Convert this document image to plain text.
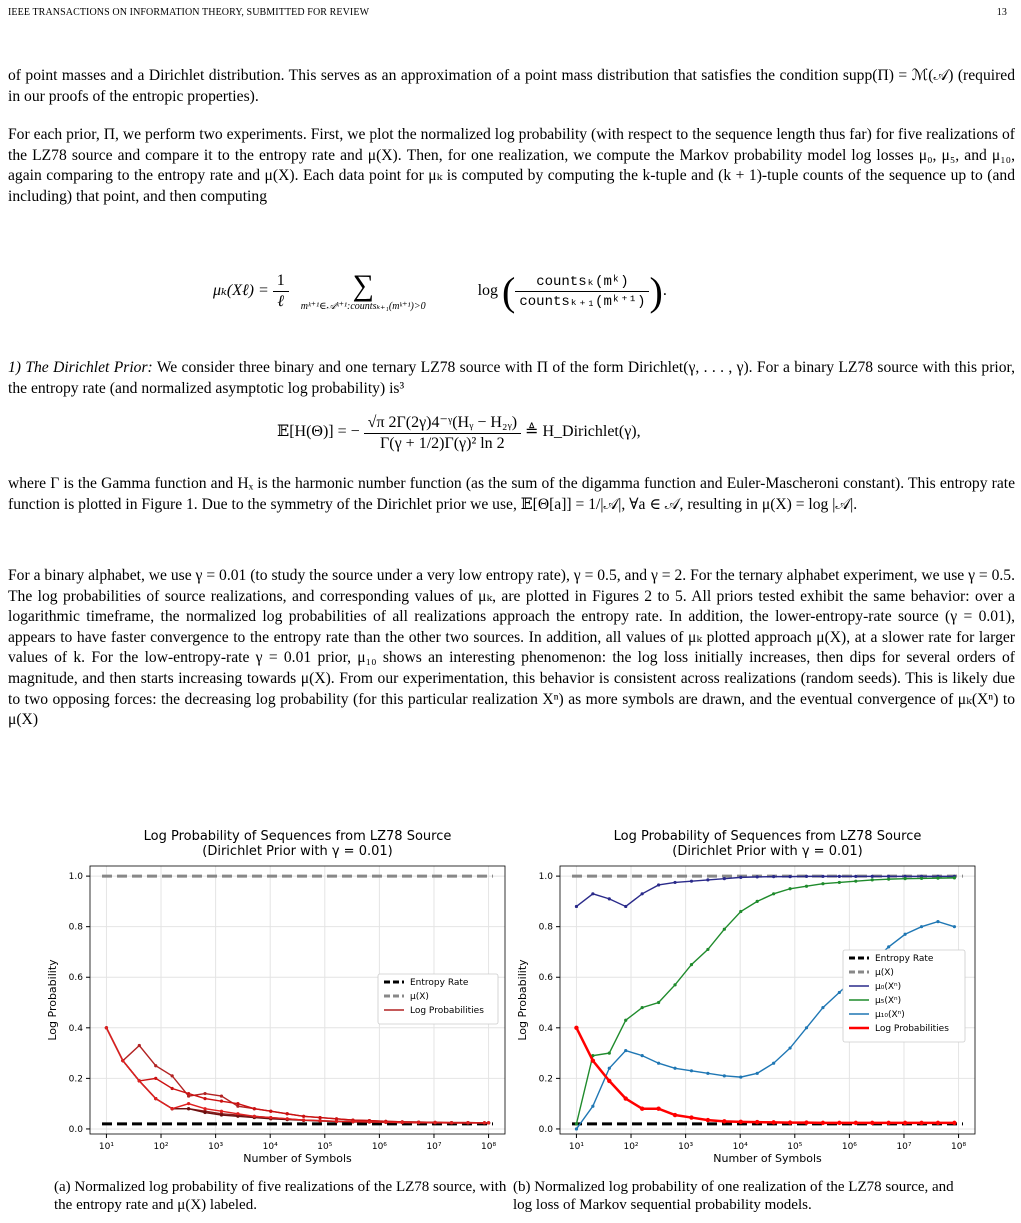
IEEE TRANSACTIONS ON INFORMATION THEORY, SUBMITTED FOR REVIEW	13

of point masses and a Dirichlet distribution. This serves as an approximation of a point mass distribution that satisfies the condition supp(Π) = ℳ(𝒜) (required in our proofs of the entropic properties).

For each prior, Π, we perform two experiments. First, we plot the normalized log probability (with respect to the sequence length thus far) for five realizations of the LZ78 source and compare it to the entropy rate and μ(X). Then, for one realization, we compute the Markov probability model log losses μ₀, μ₅, and μ₁₀, again comparing to the entropy rate and μ(X). Each data point for μₖ is computed by computing the k-tuple and (k + 1)-tuple counts of the sequence up to (and including) that point, and then computing

μₖ(Xℓ) = $\frac{1}{\text{ℓ}}$
	∑
mᵏ⁺¹∈𝒜ᵏ⁺¹:countsₖ₊₁(mᵏ⁺¹)>0
log ( $\frac{\text{countsₖ(mᵏ)}}{\text{countsₖ₊₁(mᵏ⁺¹)}}$ ).

1) The Dirichlet Prior: We consider three binary and one ternary LZ78 source with Π of the form Dirichlet(γ, . . . , γ). For a binary LZ78 source with this prior, the entropy rate (and normalized asymptotic log probability) is³

𝔼[H(Θ)] = − $\frac{\text{√π 2Γ(2γ)4⁻ᵞ(Hᵧ − H₂ᵧ)}}{\text{Γ(γ + 1/2)Γ(γ)² ln 2}}$ ≜ H_Dirichlet(γ),

where Γ is the Gamma function and Hₓ is the harmonic number function (as the sum of the digamma function and Euler-Mascheroni constant). This entropy rate function is plotted in Figure 1. Due to the symmetry of the Dirichlet prior we use, 𝔼[Θ[a]] = 1/|𝒜|, ∀a ∈ 𝒜, resulting in μ(X) = log |𝒜|.

For a binary alphabet, we use γ = 0.01 (to study the source under a very low entropy rate), γ = 0.5, and γ = 2. For the ternary alphabet experiment, we use γ = 0.5. The log probabilities of source realizations, and corresponding values of μₖ, are plotted in Figures 2 to 5. All priors tested exhibit the same behavior: over a logarithmic timeframe, the normalized log probabilities of all realizations approach the entropy rate. In addition, the lower-entropy-rate source (γ = 0.01), appears to have faster convergence to the entropy rate than the other two sources. In addition, all values of μₖ plotted approach μ(X), at a slower rate for larger values of k. For the low-entropy-rate γ = 0.01 prior, μ₁₀ shows an interesting phenomenon: the log loss initially increases, then dips for several orders of magnitude, and then starts increasing towards μ(X). From our experimentation, this behavior is consistent across realizations (random seeds). This is likely due to two opposing forces: the decreasing log probability (for this particular realization Xⁿ) as more symbols are drawn, and the eventual convergence of μₖ(Xⁿ) to μ(X)

Log Probability of Sequences from LZ78 Source
(Dirichlet Prior with γ = 0.01)
10¹	10²	10³	10⁴	10⁵	10⁶	10⁷	10⁸
0.0
0.2
0.4
0.6
0.8
1.0
Number of Symbols
Log Probability	Entropy Rate
μ(X)
Log Probabilities
Log Probability of Sequences from LZ78 Source
(Dirichlet Prior with γ = 0.01)
10¹	10²	10³	10⁴	10⁵	10⁶	10⁷	10⁸
0.0
0.2
0.4
0.6
0.8
1.0
Number of Symbols
Log Probability
Entropy Rate
μ(X)
μ₀(Xⁿ)
μ₅(Xⁿ)
μ₁₀(Xⁿ)
Log Probabilities
(a) Normalized log probability of five realizations of the LZ78 source, with the entropy rate and μ(X) labeled.
(b) Normalized log probability of one realization of the LZ78 source, and log loss of Markov sequential probability models.
